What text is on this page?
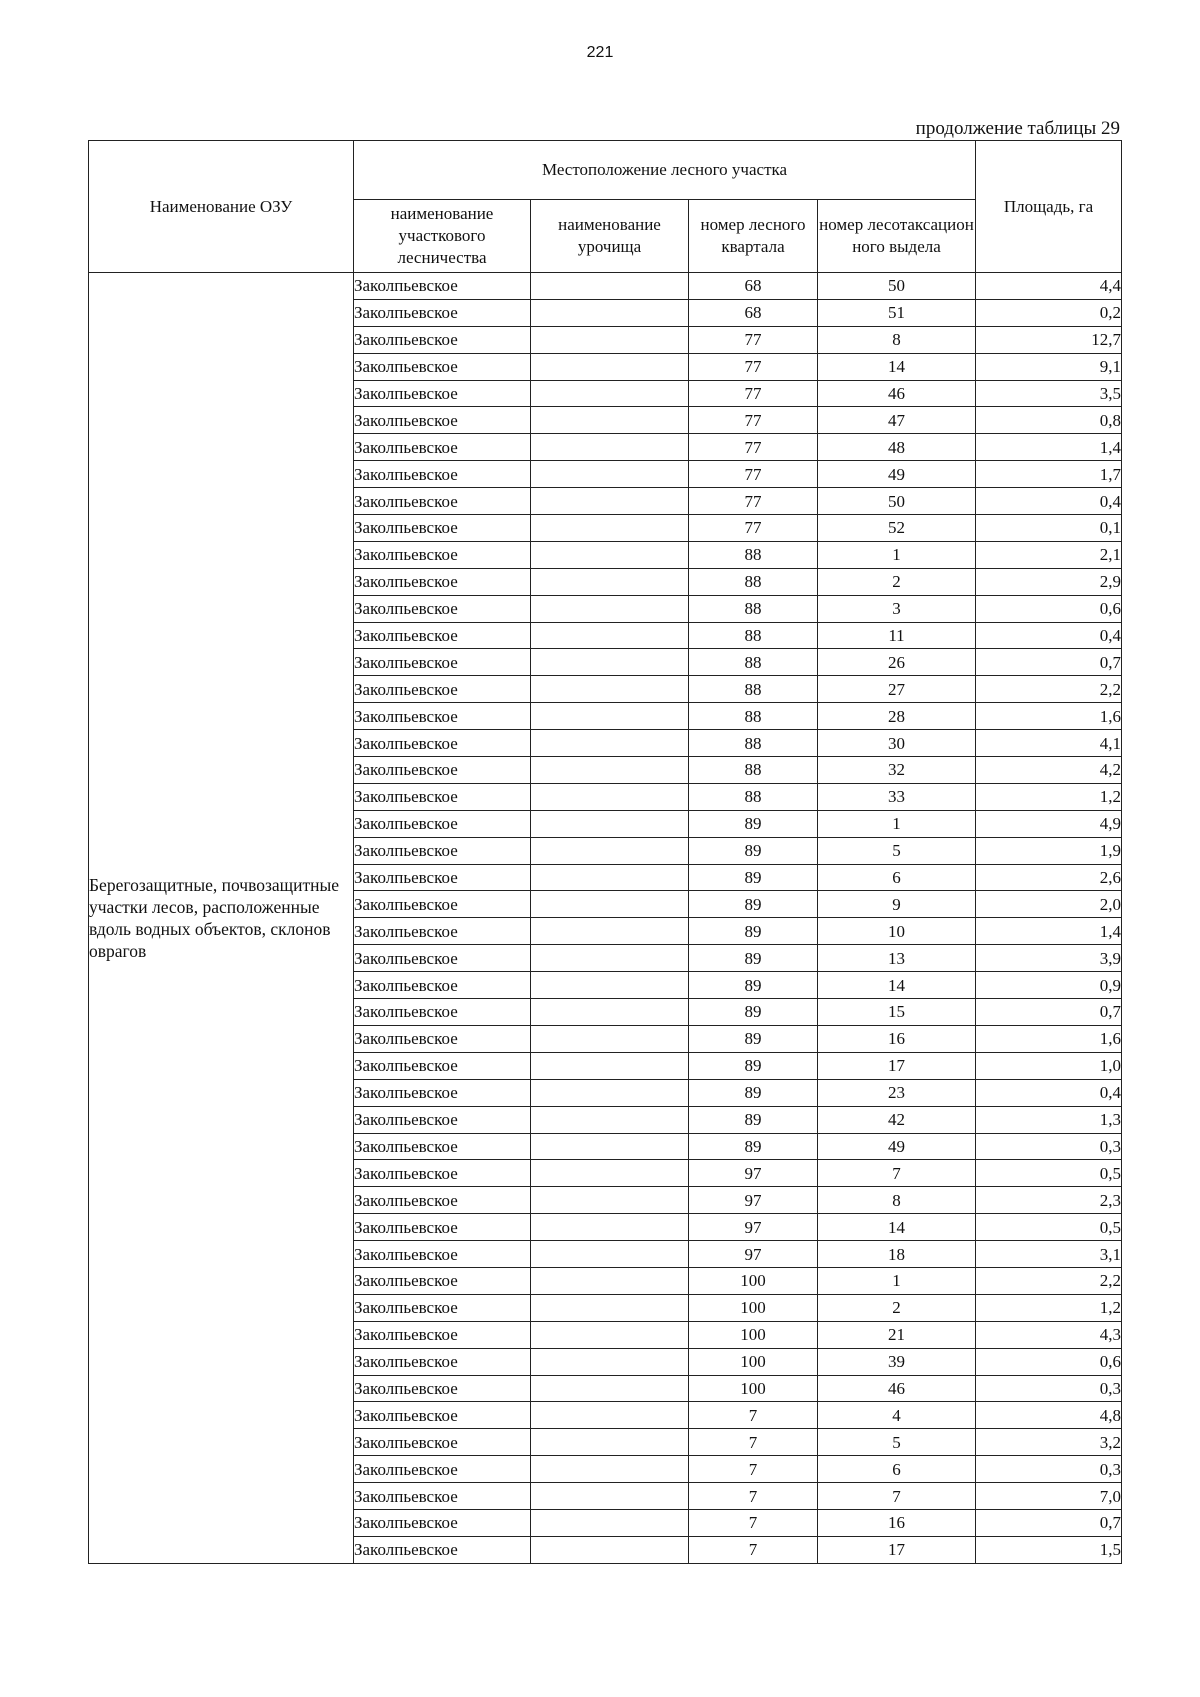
221
продолжение таблицы 29
Наименование ОЗУ	Местоположение лесного участка				Площадь, га
	наименование участкового лесничества	наименование урочища	номер лесного квартала	номер лесотаксацион ного выдела	
Берегозащитные, почвозащитные участки лесов, расположенные вдоль водных объектов, склонов оврагов	Заколпьевское		68	50	4,4
	Заколпьевское		68	51	0,2
	Заколпьевское		77	8	12,7
	Заколпьевское		77	14	9,1
	Заколпьевское		77	46	3,5
	Заколпьевское		77	47	0,8
	Заколпьевское		77	48	1,4
	Заколпьевское		77	49	1,7
	Заколпьевское		77	50	0,4
	Заколпьевское		77	52	0,1
	Заколпьевское		88	1	2,1
	Заколпьевское		88	2	2,9
	Заколпьевское		88	3	0,6
	Заколпьевское		88	11	0,4
	Заколпьевское		88	26	0,7
	Заколпьевское		88	27	2,2
	Заколпьевское		88	28	1,6
	Заколпьевское		88	30	4,1
	Заколпьевское		88	32	4,2
	Заколпьевское		88	33	1,2
	Заколпьевское		89	1	4,9
	Заколпьевское		89	5	1,9
	Заколпьевское		89	6	2,6
	Заколпьевское		89	9	2,0
	Заколпьевское		89	10	1,4
	Заколпьевское		89	13	3,9
	Заколпьевское		89	14	0,9
	Заколпьевское		89	15	0,7
	Заколпьевское		89	16	1,6
	Заколпьевское		89	17	1,0
	Заколпьевское		89	23	0,4
	Заколпьевское		89	42	1,3
	Заколпьевское		89	49	0,3
	Заколпьевское		97	7	0,5
	Заколпьевское		97	8	2,3
	Заколпьевское		97	14	0,5
	Заколпьевское		97	18	3,1
	Заколпьевское		100	1	2,2
	Заколпьевское		100	2	1,2
	Заколпьевское		100	21	4,3
	Заколпьевское		100	39	0,6
	Заколпьевское		100	46	0,3
	Заколпьевское		7	4	4,8
	Заколпьевское		7	5	3,2
	Заколпьевское		7	6	0,3
	Заколпьевское		7	7	7,0
	Заколпьевское		7	16	0,7
	Заколпьевское		7	17	1,5
